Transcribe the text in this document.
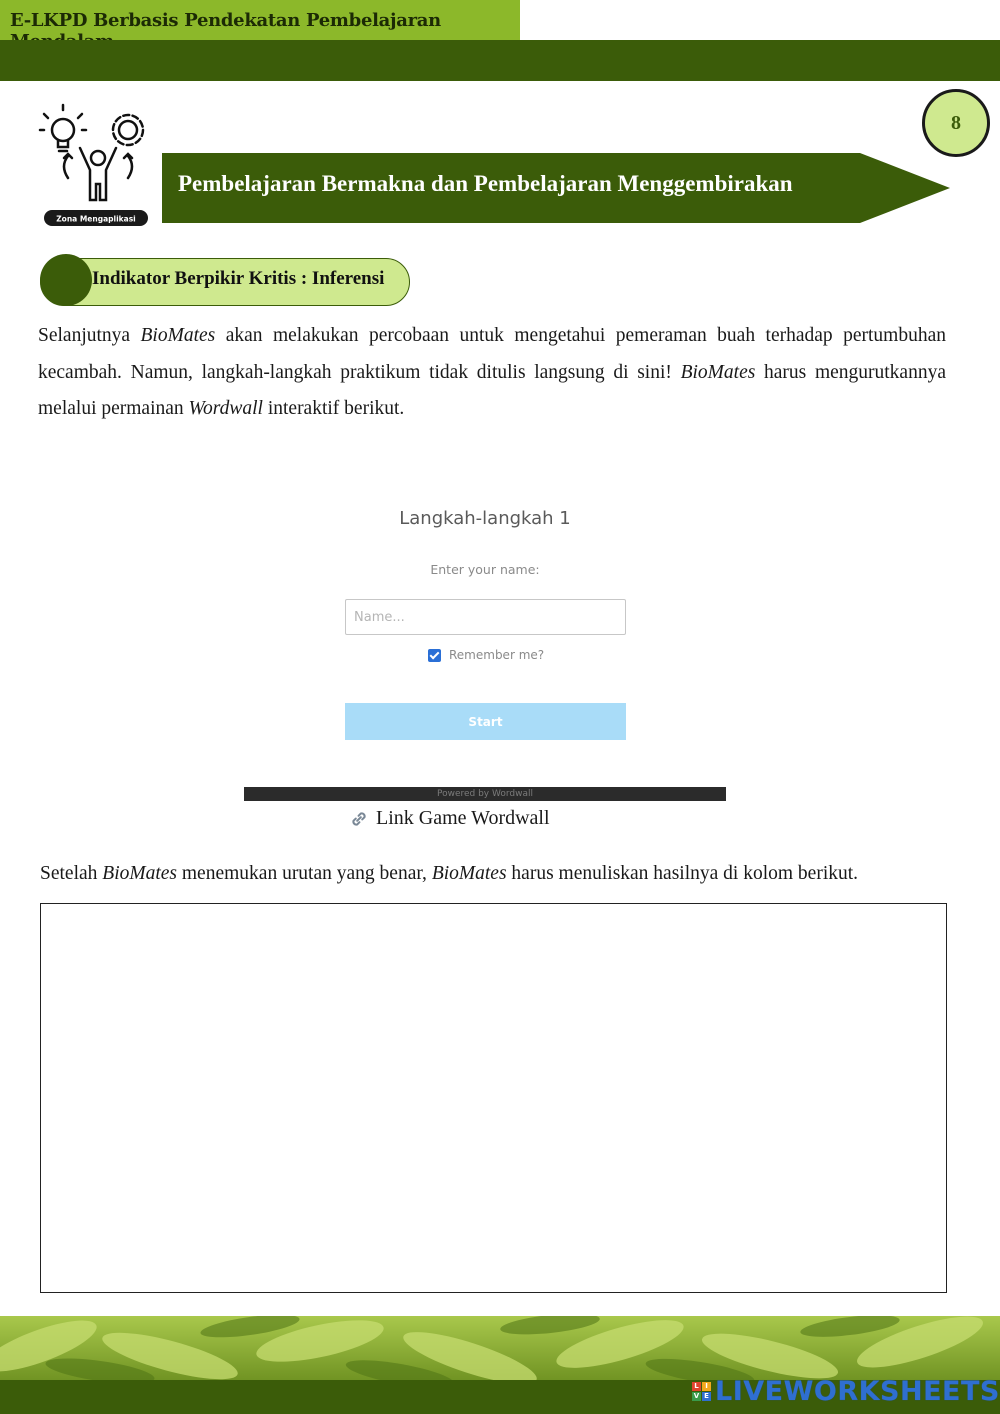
E-LKPD Berbasis Pendekatan Pembelajaran
8
Zona Mengaplikasi
Pembelajaran Bermakna dan Pembelajaran Menggembirakan
Indikator Berpikir Kritis : Inferensi
Selanjutnya BioMates akan melakukan percobaan untuk mengetahui pemeraman buah terhadap pertumbuhan kecambah. Namun, langkah-langkah praktikum tidak ditulis langsung di sini! BioMates harus mengurutkannya melalui permainan Wordwall interaktif berikut.
Langkah-langkah 1
Enter your name:
Name...
Remember me?
Start
Powered by Wordwall
Link Game Wordwall
Setelah BioMates menemukan urutan yang benar, BioMates harus menuliskan hasilnya di kolom berikut.
L I
V E LIVEWORKSHEETS
